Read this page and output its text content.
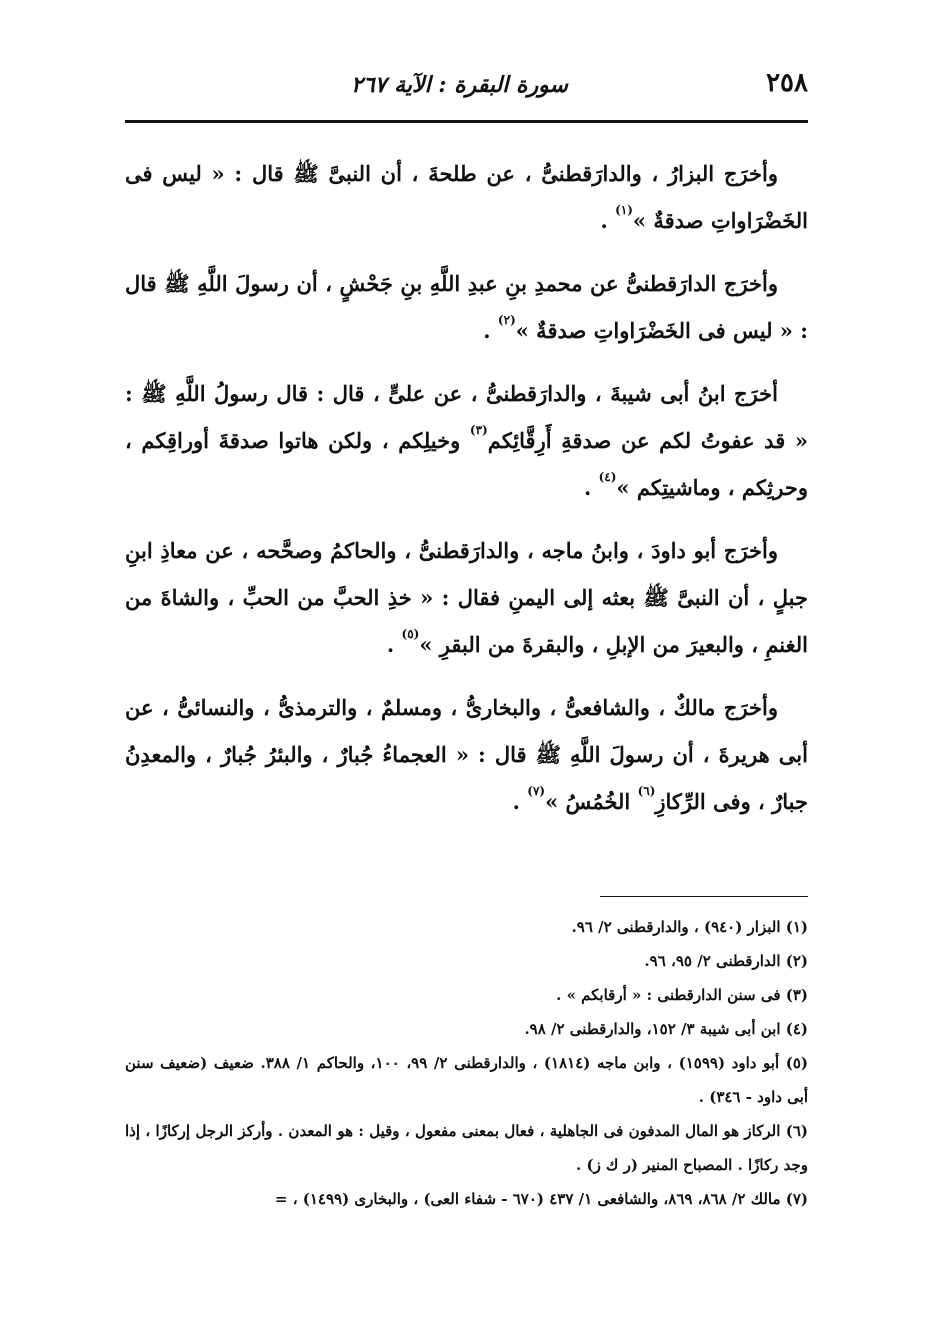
٢٥٨
سورة البقرة : الآية ٢٦٧

وأخرَج البزارُ ، والدارَقطنىُّ ، عن طلحةَ ، أن النبىَّ ﷺ قال : « ليس فى الخَضْرَاواتِ صدقةٌ »$^{(١)}$ .

وأخرَج الدارَقطنىُّ عن محمدِ بنِ عبدِ اللَّهِ بنِ جَحْشٍ ، أن رسولَ اللَّهِ ﷺ قال : « ليس فى الخَضْرَاواتِ صدقةٌ »$^{(٢)}$ .

أخرَج ابنُ أبى شيبةَ ، والدارَقطنىُّ ، عن علىٍّ ، قال : قال رسولُ اللَّهِ ﷺ : « قد عفوتُ لكم عن صدقةِ أَرِقَّائِكم$^{(٣)}$ وخيلِكم ، ولكن هاتوا صدقةَ أوراقِكم ، وحرثِكم ، وماشيتِكم »$^{(٤)}$ .

وأخرَج أبو داودَ ، وابنُ ماجه ، والدارَقطنىُّ ، والحاكمُ وصحَّحه ، عن معاذِ ابنِ جبلٍ ، أن النبىَّ ﷺ بعثه إلى اليمنِ فقال : « خذِ الحبَّ من الحبِّ ، والشاةَ من الغنمِ ، والبعيرَ من الإبلِ ، والبقرةَ من البقرِ »$^{(٥)}$ .

وأخرَج مالكٌ ، والشافعىُّ ، والبخارىُّ ، ومسلمٌ ، والترمذىُّ ، والنسائىُّ ، عن أبى هريرةَ ، أن رسولَ اللَّهِ ﷺ قال : « العجماءُ جُبارٌ ، والبئرُ جُبارٌ ، والمعدِنُ جبارٌ ، وفى الرِّكازِ$^{(٦)}$ الخُمُسُ »$^{(٧)}$ .

(١) البزار (٩٤٠) ، والدارقطنى ٢/ ٩٦.

(٢) الدارقطنى ٢/ ٩٥، ٩٦.

(٣) فى سنن الدارقطنى : « أرقابكم » .

(٤) ابن أبى شيبة ٣/ ١٥٢، والدارقطنى ٢/ ٩٨.

(٥) أبو داود (١٥٩٩) ، وابن ماجه (١٨١٤) ، والدارقطنى ٢/ ٩٩، ١٠٠، والحاكم ١/ ٣٨٨. ضعيف (ضعيف سنن أبى داود - ٣٤٦) .

(٦) الركاز هو المال المدفون فى الجاهلية ، فعال بمعنى مفعول ، وقيل : هو المعدن . وأركز الرجل إركازًا ، إذا وجد ركازًا . المصباح المنير (ر ك ز) .

(٧) مالك ٢/ ٨٦٨، ٨٦٩، والشافعى ١/ ٤٣٧ (٦٧٠ - شفاء العى) ، والبخارى (١٤٩٩) ، =
